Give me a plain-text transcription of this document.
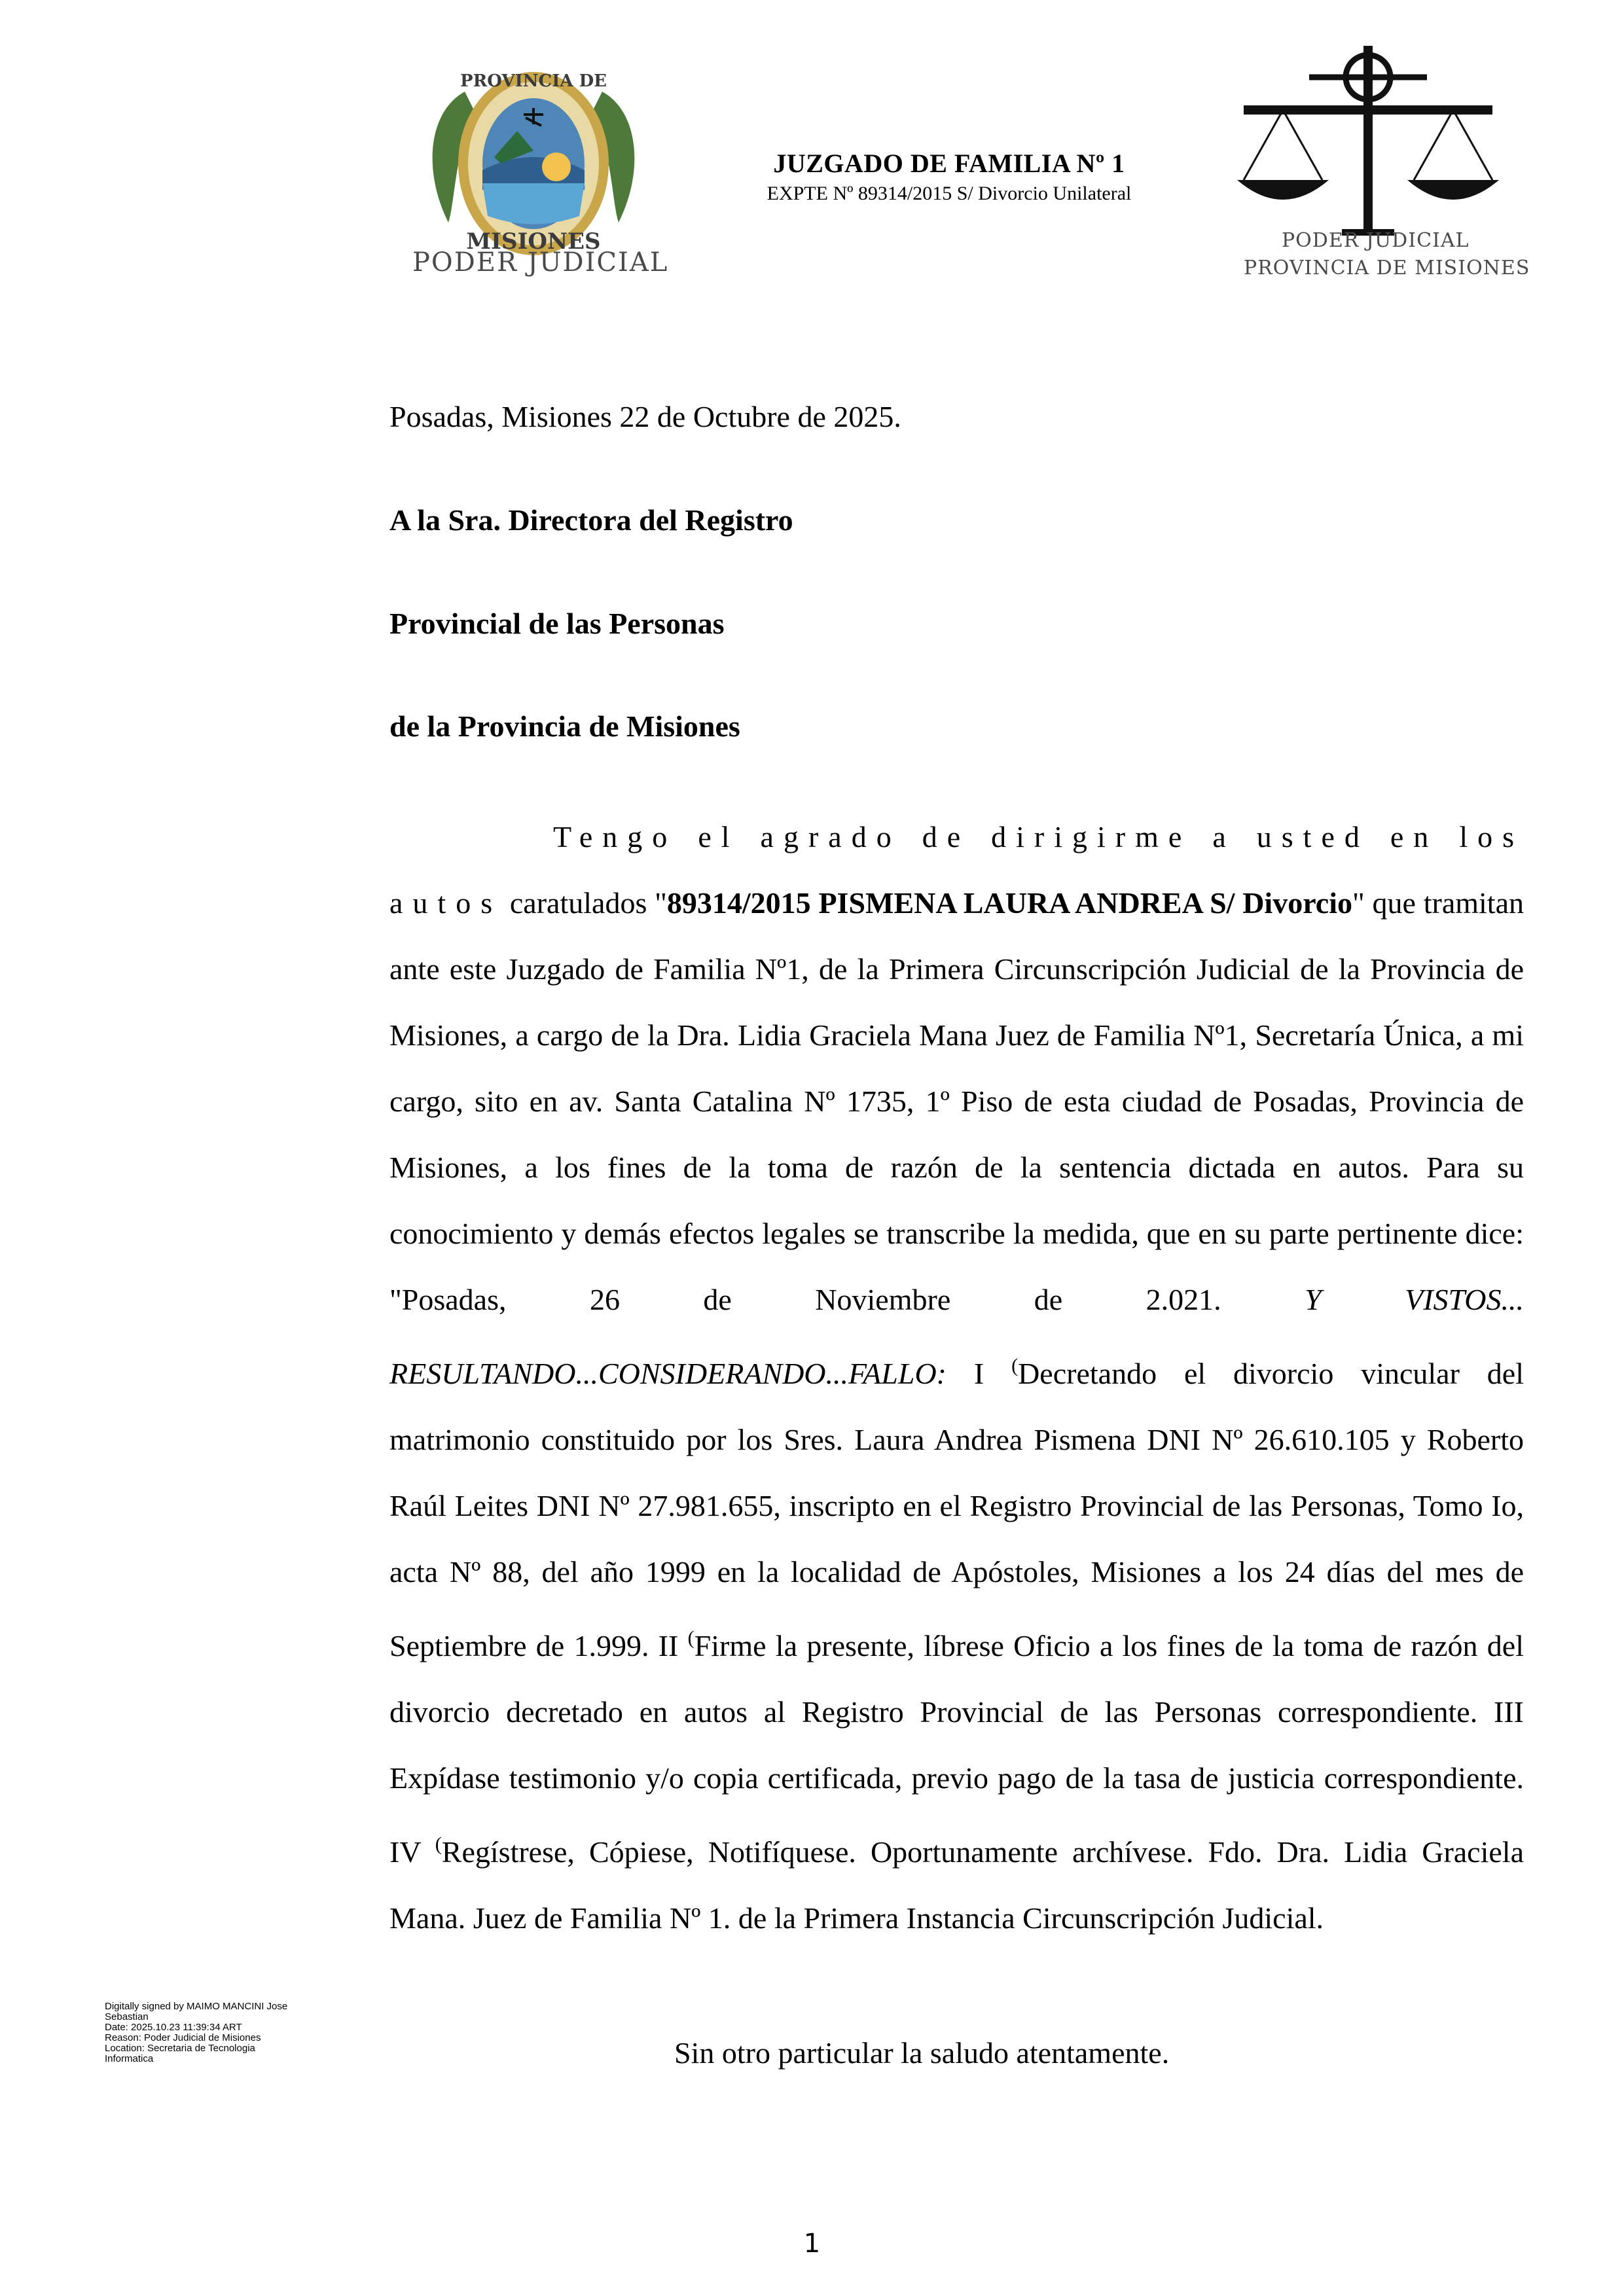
PROVINCIA DE
MISIONES
PODER JUDICIAL
JUZGADO DE FAMILIA Nº 1
EXPTE Nº 89314/2015 S/ Divorcio Unilateral
PODER JUDICIAL
PROVINCIA DE MISIONES
Posadas, Misiones 22 de Octubre de 2025.
A la Sra. Directora del Registro
Provincial de las Personas
de la Provincia de Misiones
Tengo el agrado de dirigirme a usted en los autos caratulados "89314/2015 PISMENA LAURA ANDREA S/ Divorcio" que tramitan ante este Juzgado de Familia Nº1, de la Primera Circunscripción Judicial de la Provincia de Misiones, a cargo de la Dra. Lidia Graciela Mana Juez de Familia Nº1, Secretaría Única, a mi cargo, sito en av. Santa Catalina Nº 1735, 1º Piso de esta ciudad de Posadas, Provincia de Misiones, a los fines de la toma de razón de la sentencia dictada en autos. Para su conocimiento y demás efectos legales se transcribe la medida, que en su parte pertinente dice: "Posadas, 26 de Noviembre de 2.021. Y VISTOS... RESULTANDO...CONSIDERANDO...FALLO: I (Decretando el divorcio vincular del matrimonio constituido por los Sres. Laura Andrea Pismena DNI Nº 26.610.105 y Roberto Raúl Leites DNI Nº 27.981.655, inscripto en el Registro Provincial de las Personas, Tomo Io, acta Nº 88, del año 1999 en la localidad de Apóstoles, Misiones a los 24 días del mes de Septiembre de 1.999. II (Firme la presente, líbrese Oficio a los fines de la toma de razón del divorcio decretado en autos al Registro Provincial de las Personas correspondiente. III Expídase testimonio y/o copia certificada, previo pago de la tasa de justicia correspondiente. IV (Regístrese, Cópiese, Notifíquese. Oportunamente archívese. Fdo. Dra. Lidia Graciela Mana. Juez de Familia Nº 1. de la Primera Instancia Circunscripción Judicial.
Sin otro particular la saludo atentamente.
Digitally signed by MAIMO MANCINI Jose
Sebastian
Date: 2025.10.23 11:39:34 ART
Reason: Poder Judicial de Misiones
Location: Secretaria de Tecnologia
Informatica
1
